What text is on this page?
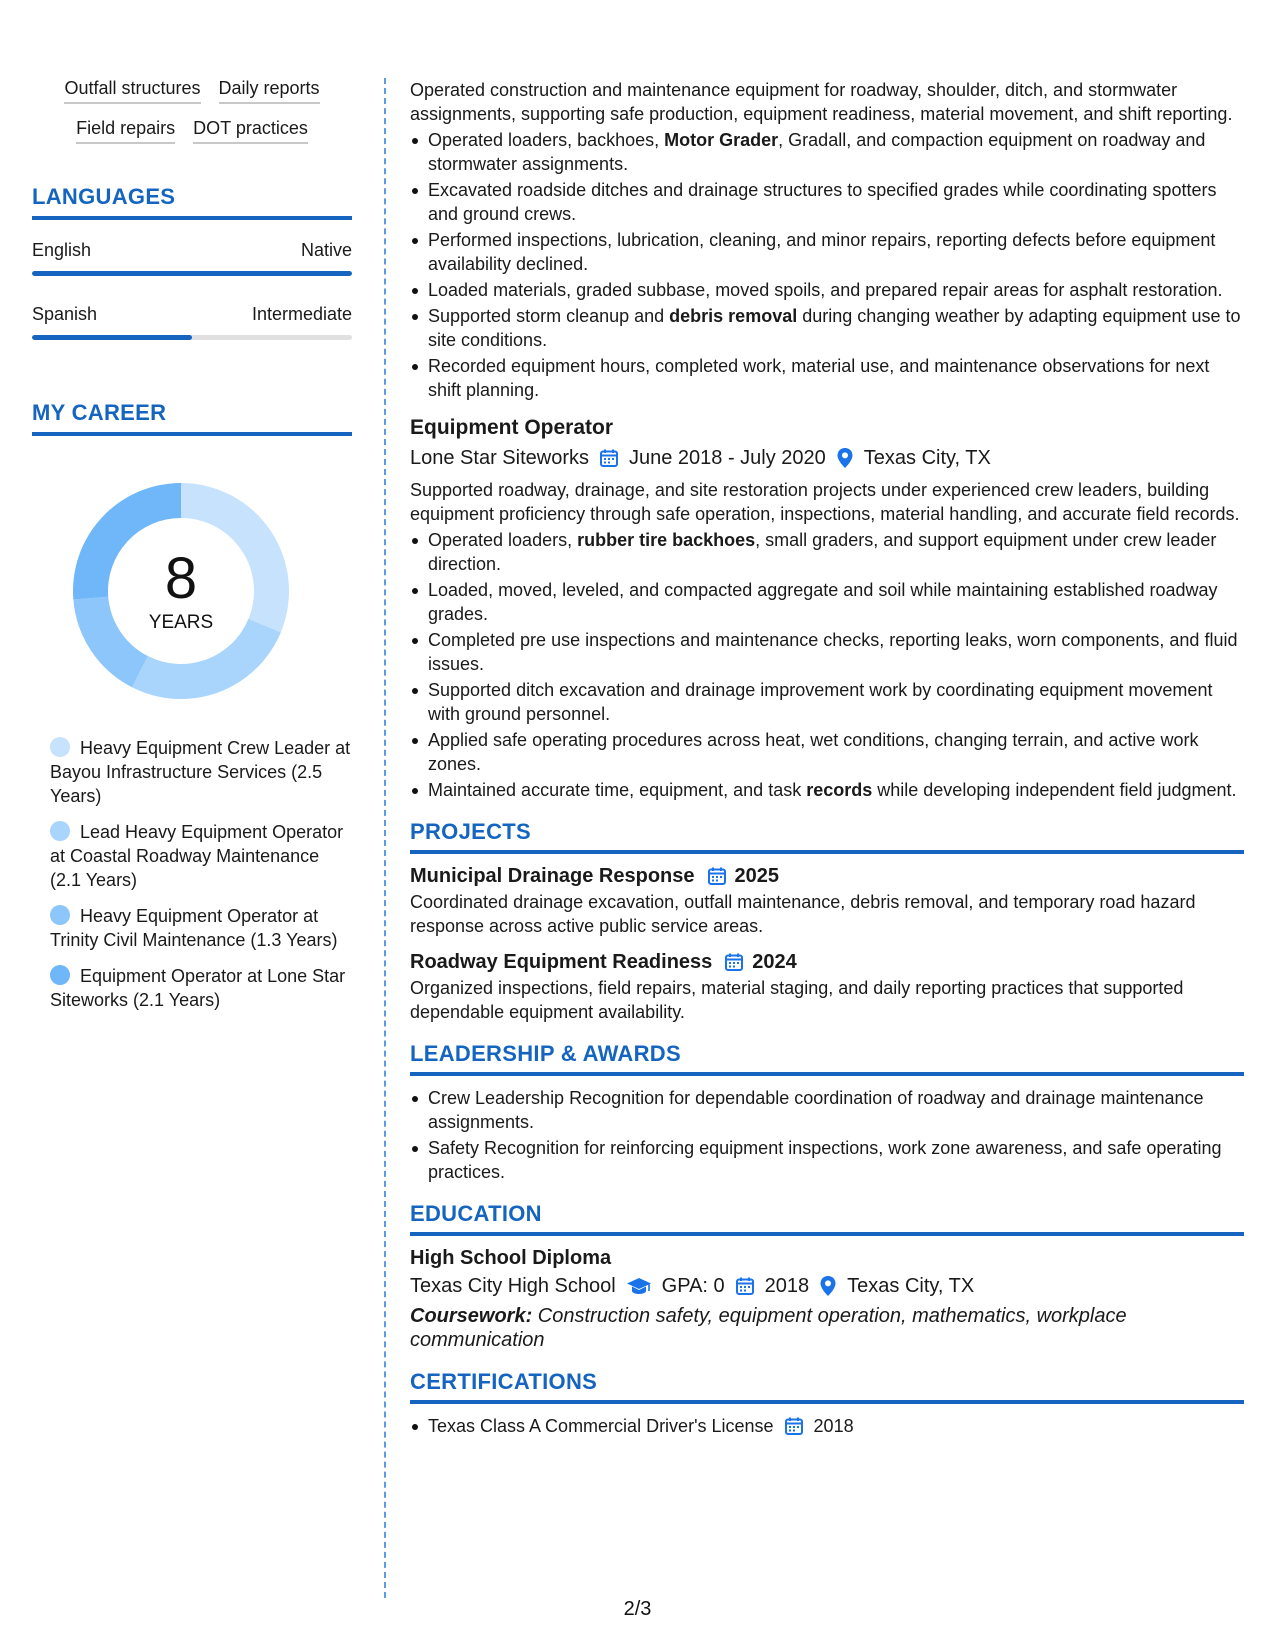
Outfall structures Daily reports
Field repairs DOT practices
LANGUAGES
English	Native
Spanish	Intermediate
MY CAREER
8
YEARS
Heavy Equipment Crew Leader at Bayou Infrastructure Services (2.5 Years)
Lead Heavy Equipment Operator at Coastal Roadway Maintenance (2.1 Years)
Heavy Equipment Operator at Trinity Civil Maintenance (1.3 Years)
Equipment Operator at Lone Star Siteworks (2.1 Years)
Operated construction and maintenance equipment for roadway, shoulder, ditch, and stormwater assignments, supporting safe production, equipment readiness, material movement, and shift reporting.
Operated loaders, backhoes, Motor Grader, Gradall, and compaction equipment on roadway and stormwater assignments.
Excavated roadside ditches and drainage structures to specified grades while coordinating spotters and ground crews.
Performed inspections, lubrication, cleaning, and minor repairs, reporting defects before equipment availability declined.
Loaded materials, graded subbase, moved spoils, and prepared repair areas for asphalt restoration.
Supported storm cleanup and debris removal during changing weather by adapting equipment use to site conditions.
Recorded equipment hours, completed work, material use, and maintenance observations for next shift planning.
Equipment Operator
Lone Star Siteworks June 2018 - July 2020 Texas City, TX
Supported roadway, drainage, and site restoration projects under experienced crew leaders, building equipment proficiency through safe operation, inspections, material handling, and accurate field records.
Operated loaders, rubber tire backhoes, small graders, and support equipment under crew leader direction.
Loaded, moved, leveled, and compacted aggregate and soil while maintaining established roadway grades.
Completed pre use inspections and maintenance checks, reporting leaks, worn components, and fluid issues.
Supported ditch excavation and drainage improvement work by coordinating equipment movement with ground personnel.
Applied safe operating procedures across heat, wet conditions, changing terrain, and active work zones.
Maintained accurate time, equipment, and task records while developing independent field judgment.
PROJECTS
Municipal Drainage Response 2025
Coordinated drainage excavation, outfall maintenance, debris removal, and temporary road hazard response across active public service areas.
Roadway Equipment Readiness 2024
Organized inspections, field repairs, material staging, and daily reporting practices that supported dependable equipment availability.
LEADERSHIP & AWARDS
Crew Leadership Recognition for dependable coordination of roadway and drainage maintenance assignments.
Safety Recognition for reinforcing equipment inspections, work zone awareness, and safe operating practices.
EDUCATION
High School Diploma
Texas City High School GPA: 0 2018 Texas City, TX
Coursework: Construction safety, equipment operation, mathematics, workplace communication
CERTIFICATIONS
Texas Class A Commercial Driver's License 2018
2/3
